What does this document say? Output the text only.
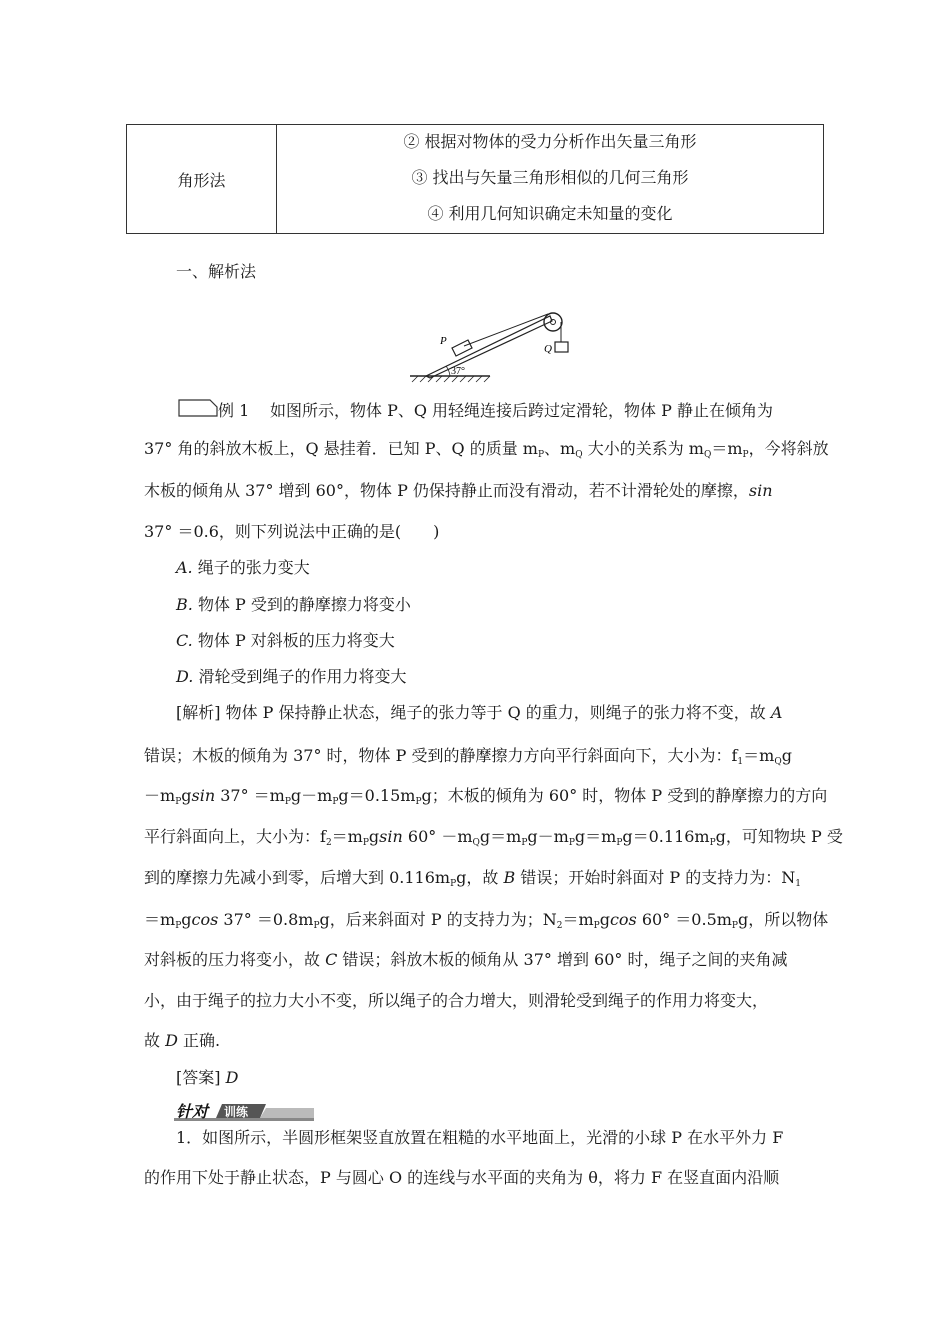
角形法
② 根据对物体的受力分析作出矢量三角形
③ 找出与矢量三角形相似的几何三角形
④ 利用几何知识确定未知量的变化
一、解析法
P
Q
37°
例 1 如图所示，物体 P、Q 用轻绳连接后跨过定滑轮，物体 P 静止在倾角为
37° 角的斜放木板上，Q 悬挂着．已知 P、Q 的质量 $m_P$、$m_Q$ 大小的关系为 $m_Q=m_P$，今将斜放
木板的倾角从 37° 增到 60°，物体 P 仍保持静止而没有滑动，若不计滑轮处的摩擦，sin
37° ＝0.6，则下列说法中正确的是(　　)
A. 绳子的张力变大
B. 物体 P 受到的静摩擦力将变小
C. 物体 P 对斜板的压力将变大
D. 滑轮受到绳子的作用力将变大
[解析] 物体 P 保持静止状态，绳子的张力等于 Q 的重力，则绳子的张力将不变，故 A
错误；木板的倾角为 37° 时，物体 P 受到的静摩擦力方向平行斜面向下，大小为：$f_1=m_Qg$
$-m_Pgsin$ $37^\circ =m_Pg-m_Pg=0.15m_Pg$；木板的倾角为 60° 时，物体 P 受到的静摩擦力的方向
平行斜面向上，大小为：$f_2=m_Pgsin$ $60^\circ -m_Qg=m_Pg-m_Pg=m_Pg=0.116m_Pg$，可知物块 P 受
到的摩擦力先减小到零，后增大到 $0.116m_Pg$，故 B 错误；开始时斜面对 P 的支持力为：$N_1$
$=m_Pgcos$ $37^\circ =0.8m_Pg$，后来斜面对 P 的支持力为；$N_2=m_Pgcos$ $60^\circ =0.5m_Pg$，所以物体
对斜板的压力将变小，故 C 错误；斜放木板的倾角从 37° 增到 60° 时，绳子之间的夹角减
小，由于绳子的拉力大小不变，所以绳子的合力增大，则滑轮受到绳子的作用力将变大，
故 D 正确.
[答案] D
针对 训练
1．如图所示，半圆形框架竖直放置在粗糙的水平地面上，光滑的小球 P 在水平外力 F
的作用下处于静止状态，P 与圆心 O 的连线与水平面的夹角为 θ，将力 F 在竖直面内沿顺
